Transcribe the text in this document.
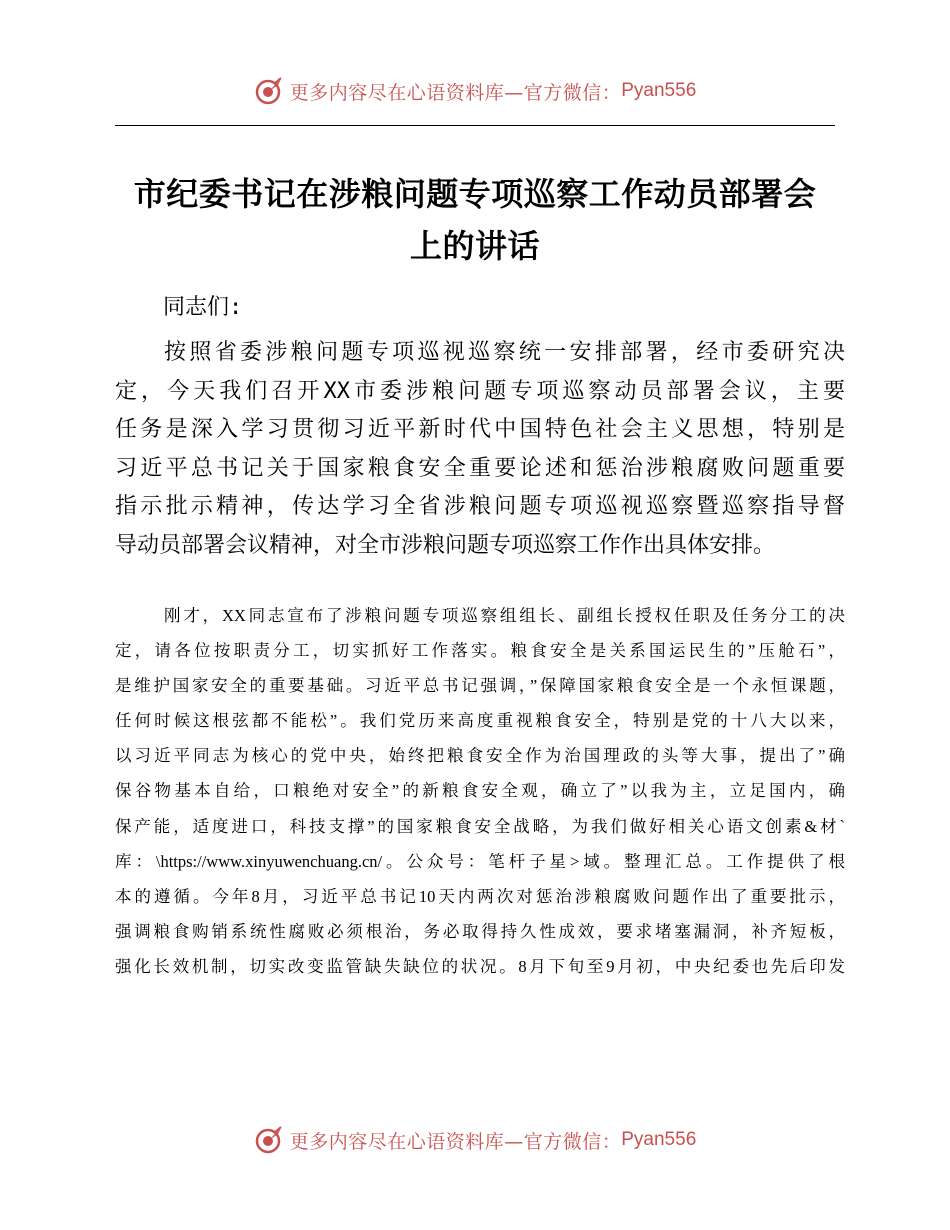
更多内容尽在心语资料库—官方微信： Pyan556
市纪委书记在涉粮问题专项巡察工作动员部署会
上的讲话
同志们:
按照省委涉粮问题专项巡视巡察统一安排部署，经市委研究决
定，今天我们召开XX市委涉粮问题专项巡察动员部署会议，主要
任务是深入学习贯彻习近平新时代中国特色社会主义思想，特别是
习近平总书记关于国家粮食安全重要论述和惩治涉粮腐败问题重要
指示批示精神，传达学习全省涉粮问题专项巡视巡察暨巡察指导督
导动员部署会议精神，对全市涉粮问题专项巡察工作作出具体安排。
刚才，XX同志宣布了涉粮问题专项巡察组组长、副组长授权任职及任务分工的决
定，请各位按职责分工，切实抓好工作落实。粮食安全是关系国运民生的”压舱石”，
是维护国家安全的重要基础。习近平总书记强调，”保障国家粮食安全是一个永恒课题，
任何时候这根弦都不能松”。我们党历来高度重视粮食安全，特别是党的十八大以来，
以习近平同志为核心的党中央，始终把粮食安全作为治国理政的头等大事，提出了”确
保谷物基本自给，口粮绝对安全”的新粮食安全观，确立了”以我为主，立足国内，确
保产能，适度进口，科技支撑”的国家粮食安全战略，为我们做好相关心语文创素&材`
库：\https://www.xinyuwenchuang.cn/。公众号：笔杆子星>域。整理汇总。工作提供了根
本的遵循。今年8月，习近平总书记10天内两次对惩治涉粮腐败问题作出了重要批示，
强调粮食购销系统性腐败必须根治，务必取得持久性成效，要求堵塞漏洞，补齐短板，
强化长效机制，切实改变监管缺失缺位的状况。8月下旬至9月初，中央纪委也先后印发
更多内容尽在心语资料库—官方微信： Pyan556
